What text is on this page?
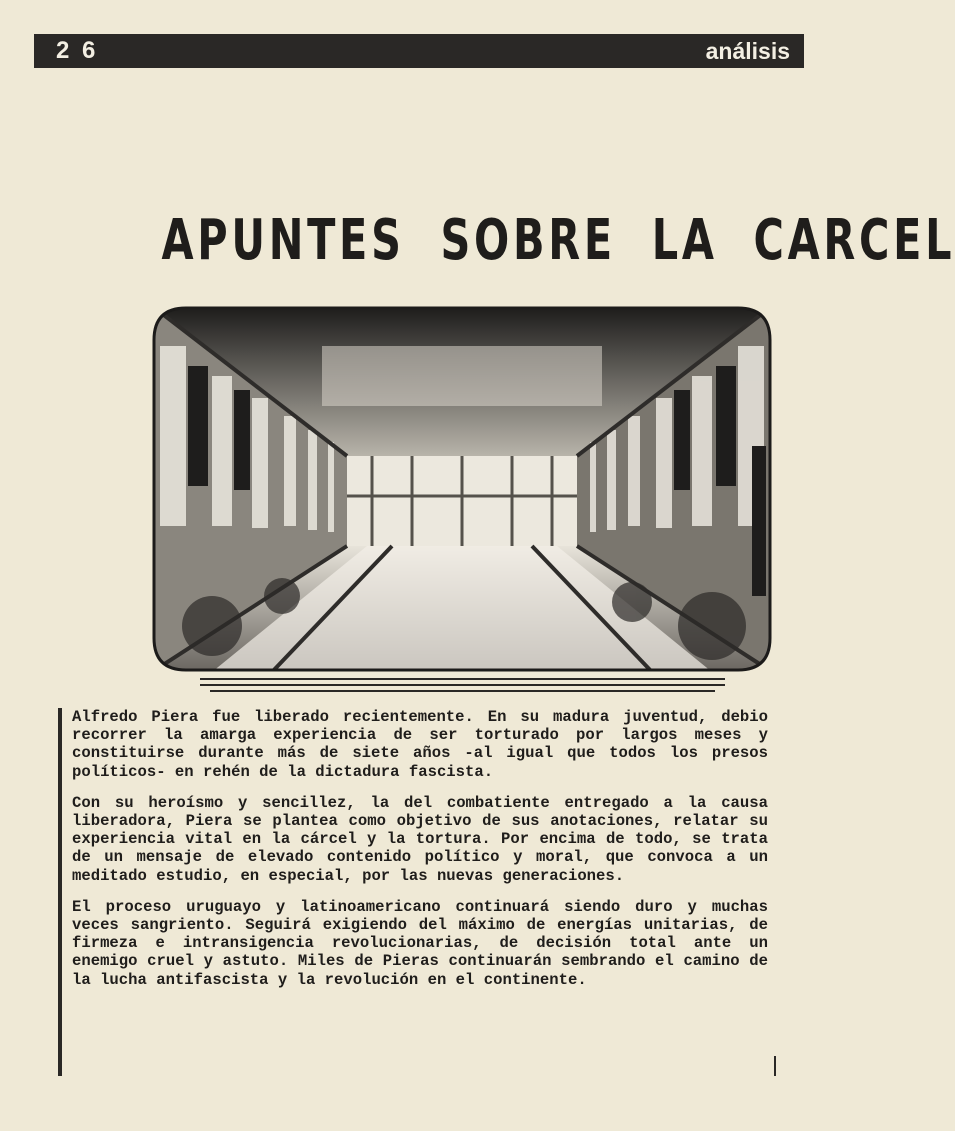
2 6	análisis
APUNTES SOBRE LA CARCEL

Alfredo Piera fue liberado recientemente. En su madura juventud, debio recorrer la amarga experiencia de ser torturado por largos meses y constituirse durante más de siete años -al igual que todos los presos políticos- en rehén de la dictadura fascista.

Con su heroísmo y sencillez, la del combatiente entregado a la causa liberadora, Piera se plantea como objetivo de sus anotaciones, relatar su experiencia vital en la cárcel y la tortura. Por encima de todo, se trata de un mensaje de elevado contenido político y moral, que convoca a un meditado estudio, en especial, por las nuevas generaciones.

El proceso uruguayo y latinoamericano continuará siendo duro y muchas veces sangriento. Seguirá exigiendo del máximo de energías unitarias, de firmeza e intransigencia revolucionarias, de decisión total ante un enemigo cruel y astuto. Miles de Pieras continuarán sembrando el camino de la lucha antifascista y la revolución en el continente.
